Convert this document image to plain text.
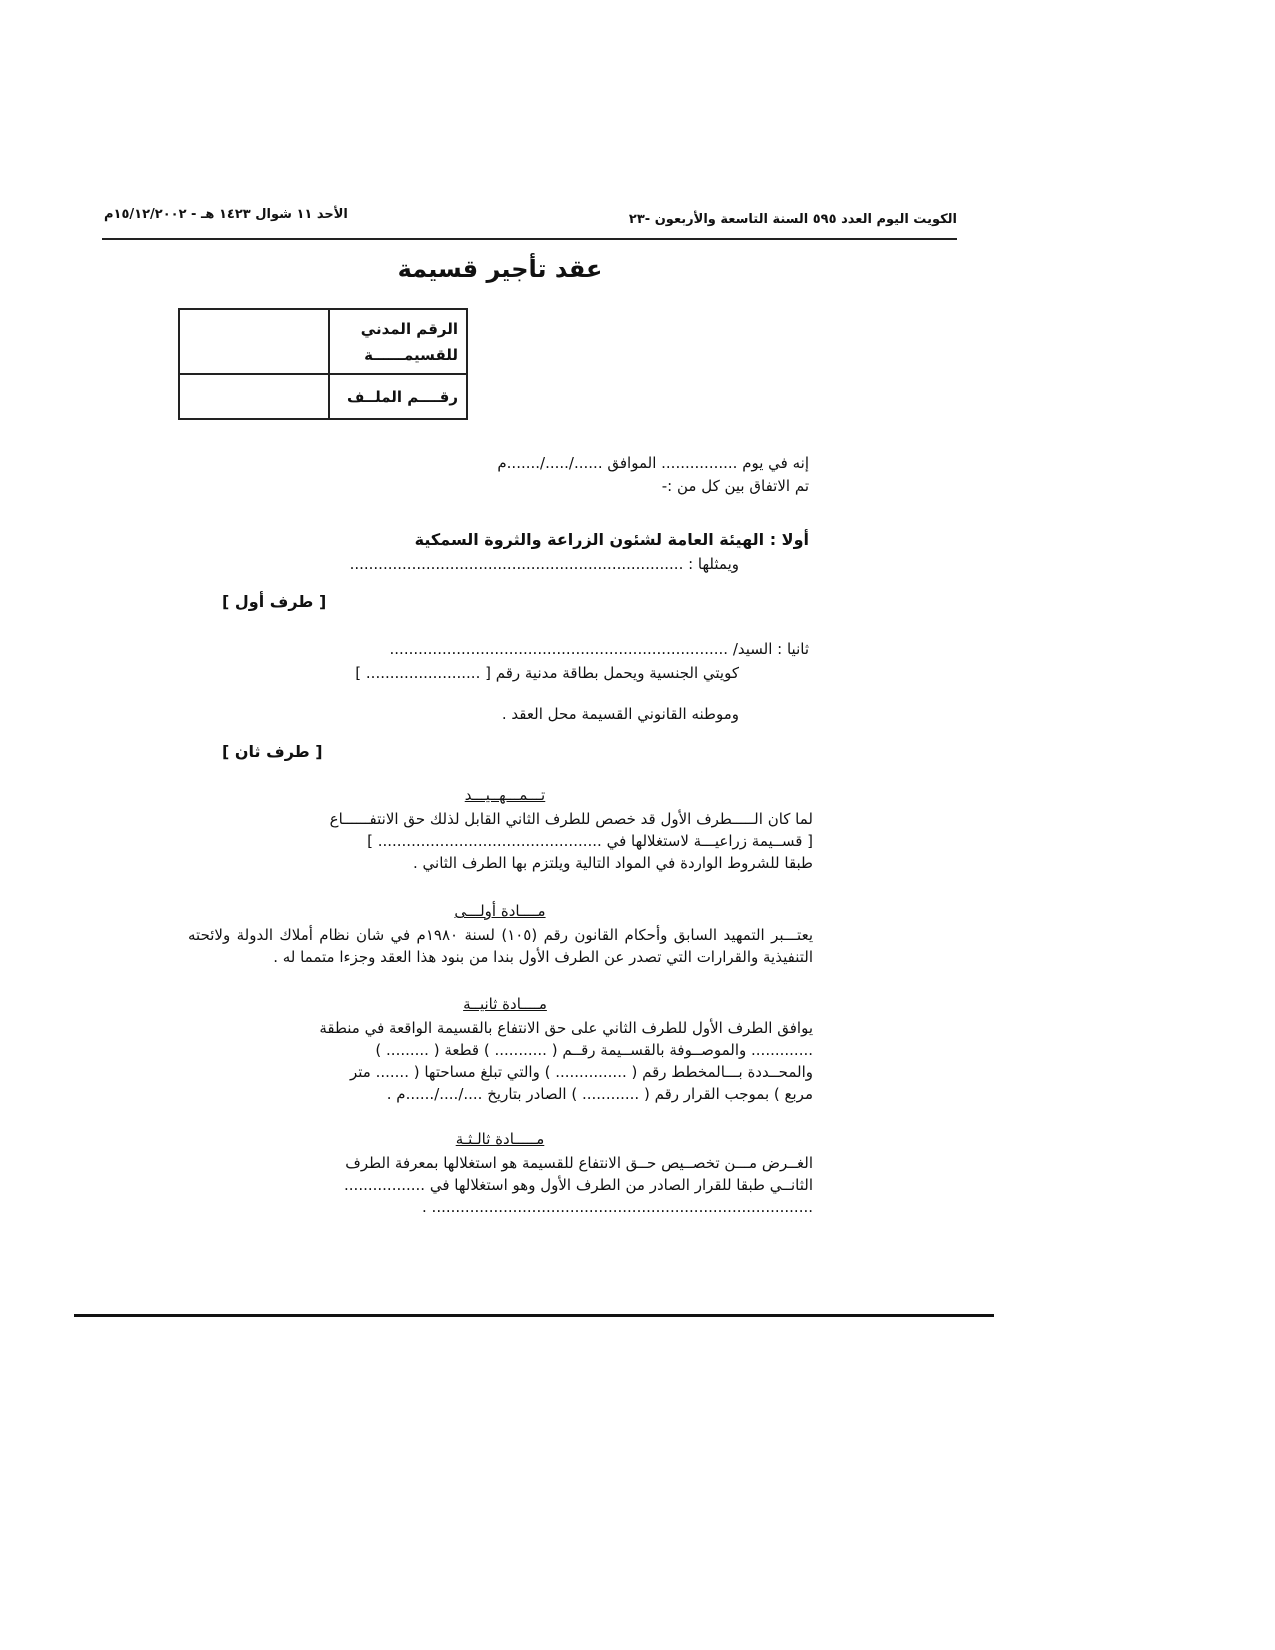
الأحد ١١ شوال ١٤٢٣ هـ - ١٥/١٢/٢٠٠٢م	الكويت اليوم العدد ٥٩٥ السنة التاسعة والأربعون -٢٣
عقد تأجير قسيمة
الرقم المدني
للقسيمــــــة	

رقــــم الملــف	
إنه في يوم ................ الموافق ....../...../.......م
تم الاتفاق بين كل من :-
أولا : الهيئة العامة لشئون الزراعة والثروة السمكية
ويمثلها : ......................................................................
[ طرف أول ]
ثانيا : السيد/ .......................................................................
كويتي الجنسية ويحمل بطاقة مدنية رقم [ ........................ ]
وموطنه القانوني القسيمة محل العقد .
[ طرف ثان ]
تـــمـــهــيـــد
لما كان الـــــطرف الأول قد خصص للطرف الثاني القابل لذلك حق الانتفــــــاع
[ قســيمة زراعيـــة لاستغلالها في ............................................... ]
طبقا للشروط الواردة في المواد التالية ويلتزم بها الطرف الثاني .
مــــادة أولـــى
يعتـــبر التمهيد السابق وأحكام القانون رقم (١٠٥) لسنة ١٩٨٠م في شان نظام أملاك الدولة ولائحته التنفيذية والقرارات التي تصدر عن الطرف الأول بندا من بنود هذا العقد وجزءا متمما له .
مــــادة ثانيــة
يوافق الطرف الأول للطرف الثاني على حق الانتفاع بالقسيمة الواقعة في منطقة
............. والموصــوفة بالقســيمة رقــم ( ........... ) قطعة ( ......... )
والمحــددة بـــالمخطط رقم ( ............... ) والتي تبلغ مساحتها ( ....... متر
مربع ) بموجب القرار رقم ( ............ ) الصادر بتاريخ ..../..../......م .
مـــــادة ثالـثـة
الغــرض مـــن تخصــيص حــق الانتفاع للقسيمة هو استغلالها بمعرفة الطرف
الثانــي طبقا للقرار الصادر من الطرف الأول وهو استغلالها في .................
................................................................................ .
